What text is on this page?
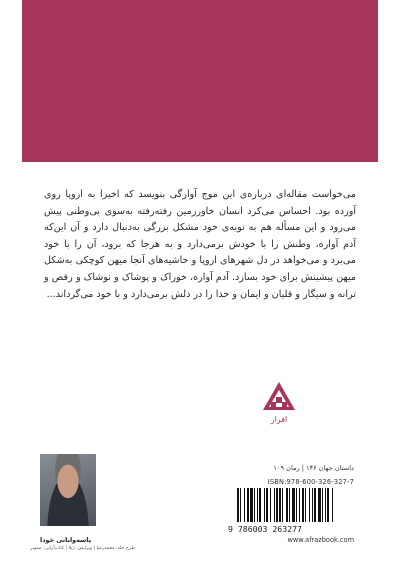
می‌خواست مقاله‌ای درباره‌ی این موج آوارگی بنویسد که اخیرا به اروپا روی آورده بود. احساس می‌کرد انسان خاورزمین رفته‌رفته به‌سوی بی‌وطنی پیش می‌رود و این مسأله هم به نوبه‌ی خود مشکل بزرگی به‌دنبال دارد و آن این‌که آدم آواره، وطنش را با خودش برمی‌دارد و به هرجا که برود، آن را با خود می‌برد و می‌خواهد در دل شهرهای اروپا و حاشیه‌های آنجا میهن کوچکی به‌شکل میهن پیشینش برای خود بسازد. آدم آواره، خوراک و پوشاک و نوشاک و رقص و ترانه و سیگار و قلیان و ایمان و خدا را در دلش برمی‌دارد و با خود می‌گرداند...

افراز
پاسه‌وانانی خودا
طرح جلد: محمدرضا | ویرایش: ژیلا | کتاب‌آرایی: صنوبر
داستان جهان ۱۴۶ | رمان ۱۰۹
ISBN:978-600-326-327-7
9 786003 263277
www.afrazbook.com
